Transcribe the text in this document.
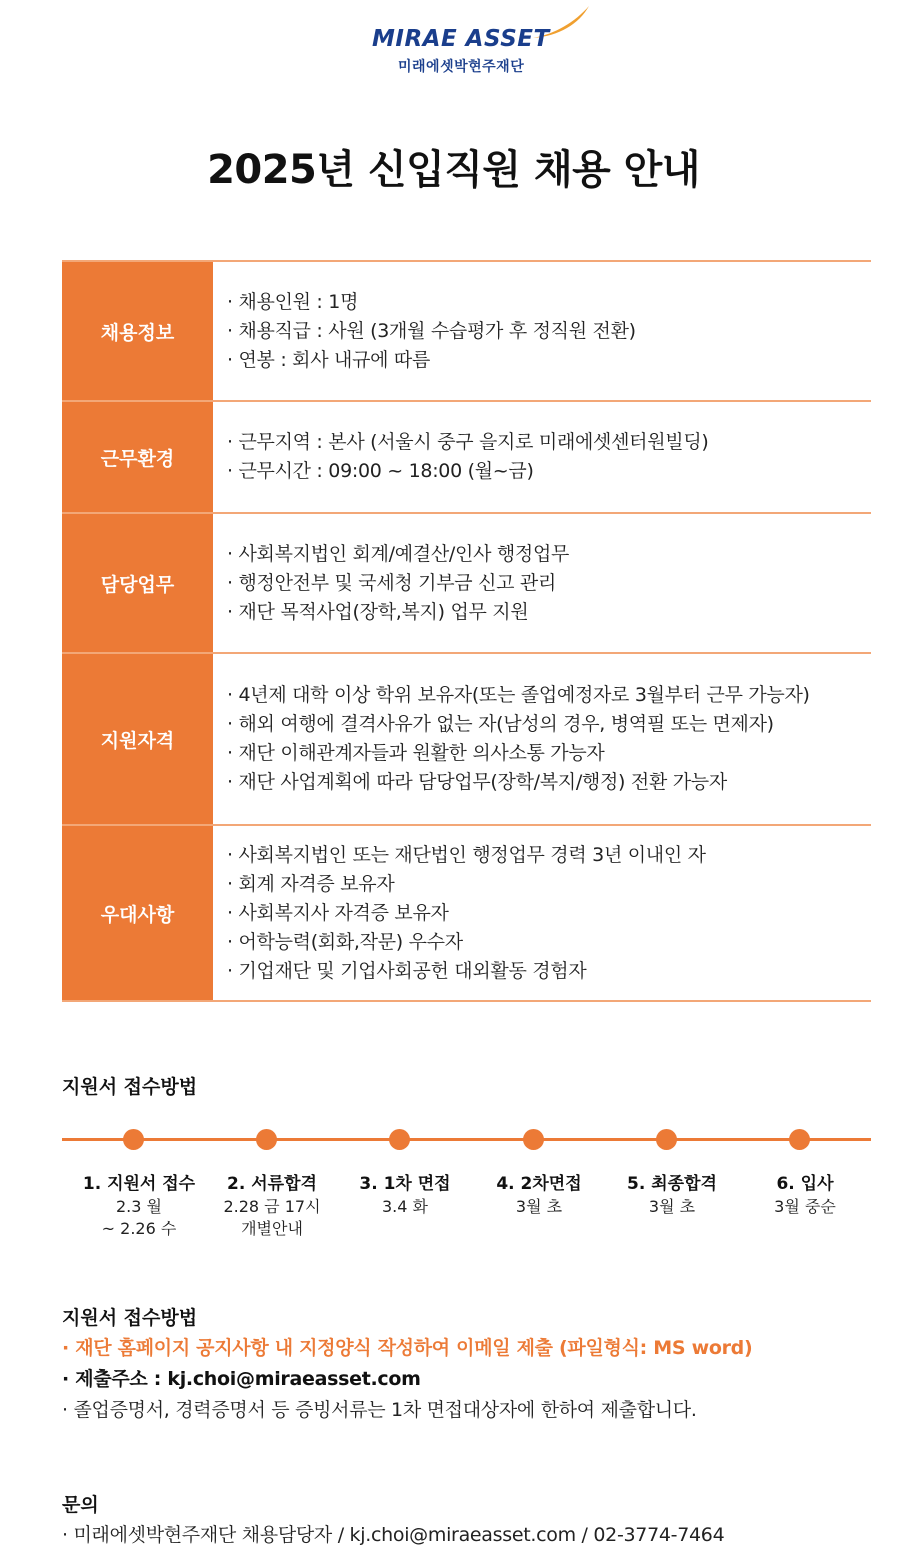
MIRAE ASSET
미래에셋박현주재단
2025년 신입직원 채용 안내
채용정보
· 채용인원 : 1명
· 채용직급 : 사원 (3개월 수습평가 후 정직원 전환)
· 연봉 : 회사 내규에 따름
근무환경
· 근무지역 : 본사 (서울시 중구 을지로 미래에셋센터원빌딩)
· 근무시간 : 09:00 ~ 18:00 (월~금)
담당업무
· 사회복지법인 회계/예결산/인사 행정업무
· 행정안전부 및 국세청 기부금 신고 관리
· 재단 목적사업(장학,복지) 업무 지원
지원자격
· 4년제 대학 이상 학위 보유자(또는 졸업예정자로 3월부터 근무 가능자)
· 해외 여행에 결격사유가 없는 자(남성의 경우, 병역필 또는 면제자)
· 재단 이해관계자들과 원활한 의사소통 가능자
· 재단 사업계획에 따라 담당업무(장학/복지/행정) 전환 가능자
우대사항
· 사회복지법인 또는 재단법인 행정업무 경력 3년 이내인 자
· 회계 자격증 보유자
· 사회복지사 자격증 보유자
· 어학능력(회화,작문) 우수자
· 기업재단 및 기업사회공헌 대외활동 경험자
지원서 접수방법
1. 지원서 접수
2.3 월
~ 2.26 수
2. 서류합격
2.28 금 17시
개별안내
3. 1차 면접
3.4 화
4. 2차면접
3월 초
5. 최종합격
3월 초
6. 입사
3월 중순
지원서 접수방법
· 재단 홈페이지 공지사항 내 지정양식 작성하여 이메일 제출 (파일형식: MS word)
· 제출주소 : kj.choi@miraeasset.com
· 졸업증명서, 경력증명서 등 증빙서류는 1차 면접대상자에 한하여 제출합니다.
문의
· 미래에셋박현주재단 채용담당자 / kj.choi@miraeasset.com / 02-3774-7464
